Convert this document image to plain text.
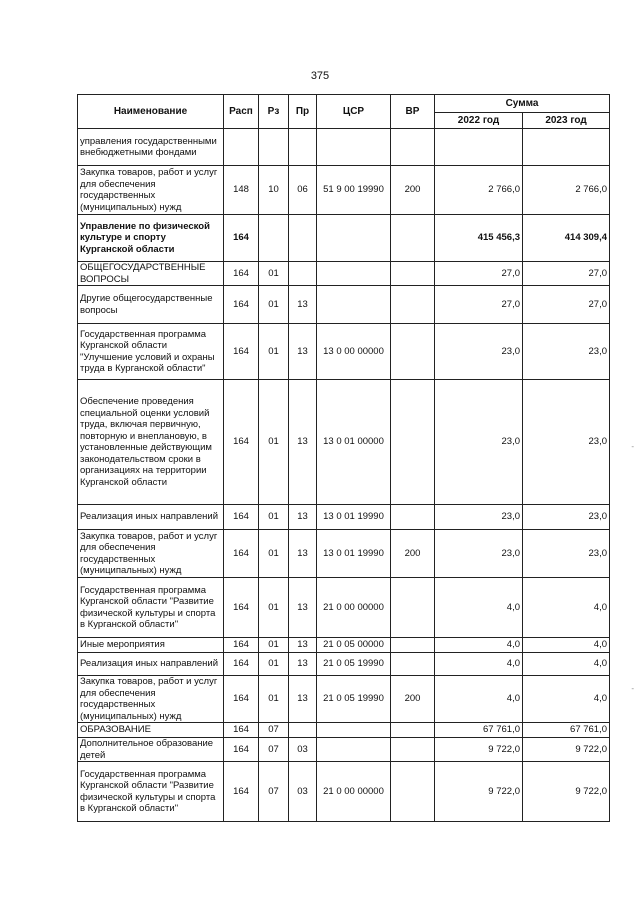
375
Наименование	Расп	Рз	Пр	ЦСР	ВР	Сумма	
						2022 год	2023 год
управления государственными внебюджетными фондами							
Закупка товаров, работ и услуг для обеспечения государственных (муниципальных) нужд	148	10	06	51 9 00 19990	200	2 766,0	2 766,0
Управление по физической культуре и спорту Курганской области	164					415 456,3	414 309,4
ОБЩЕГОСУДАРСТВЕННЫЕ ВОПРОСЫ	164	01				27,0	27,0
Другие общегосударственные вопросы	164	01	13			27,0	27,0
Государственная программа Курганской области "Улучшение условий и охраны труда в Курганской области"	164	01	13	13 0 00 00000		23,0	23,0
Обеспечение проведения специальной оценки условий труда, включая первичную, повторную и внеплановую, в установленные действующим законодательством сроки в организациях на территории Курганской области	164	01	13	13 0 01 00000		23,0	23,0
Реализация иных направлений	164	01	13	13 0 01 19990		23,0	23,0
Закупка товаров, работ и услуг для обеспечения государственных (муниципальных) нужд	164	01	13	13 0 01 19990	200	23,0	23,0
Государственная программа Курганской области "Развитие физической культуры и спорта в Курганской области"	164	01	13	21 0 00 00000		4,0	4,0
Иные мероприятия	164	01	13	21 0 05 00000		4,0	4,0
Реализация иных направлений	164	01	13	21 0 05 19990		4,0	4,0
Закупка товаров, работ и услуг для обеспечения государственных (муниципальных) нужд	164	01	13	21 0 05 19990	200	4,0	4,0
ОБРАЗОВАНИЕ	164	07				67 761,0	67 761,0
Дополнительное образование детей	164	07	03			9 722,0	9 722,0
Государственная программа Курганской области "Развитие физической культуры и спорта в Курганской области"	164	07	03	21 0 00 00000		9 722,0	9 722,0
-
-
